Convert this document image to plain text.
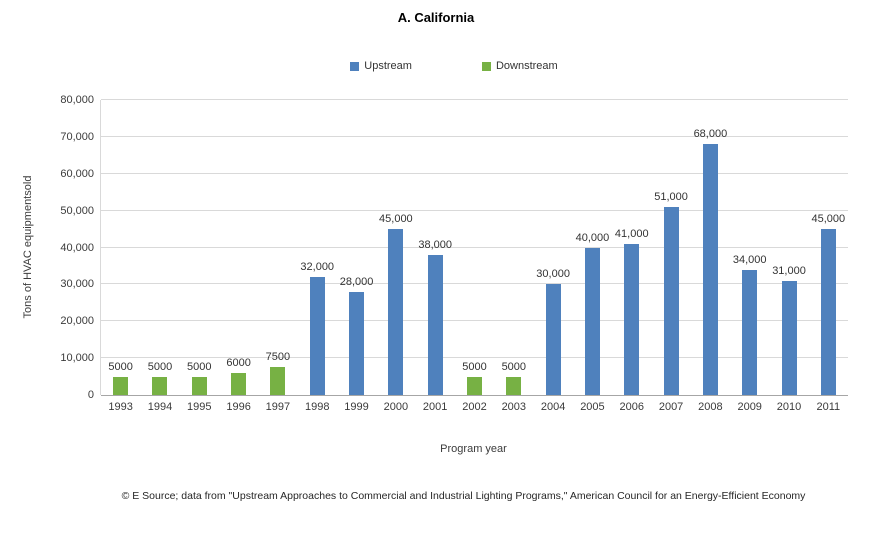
A. California
Upstream	Downstream
Tons of HVAC equipmentsold
5000
1993
5000
1994
5000
1995
6000
1996
7500
1997
32,000
1998
28,000
1999
45,000
2000
38,000
2001
5000
2002
5000
2003
30,000
2004
40,000
2005
41,000
2006
51,000
2007
68,000
2008
34,000
2009
31,000
2010
45,000
2011
Program year
© E Source; data from "Upstream Approaches to Commercial and Industrial Lighting Programs," American Council for an Energy-Efficient Economy
0
10,000
20,000
30,000
40,000
50,000
60,000
70,000
80,000
